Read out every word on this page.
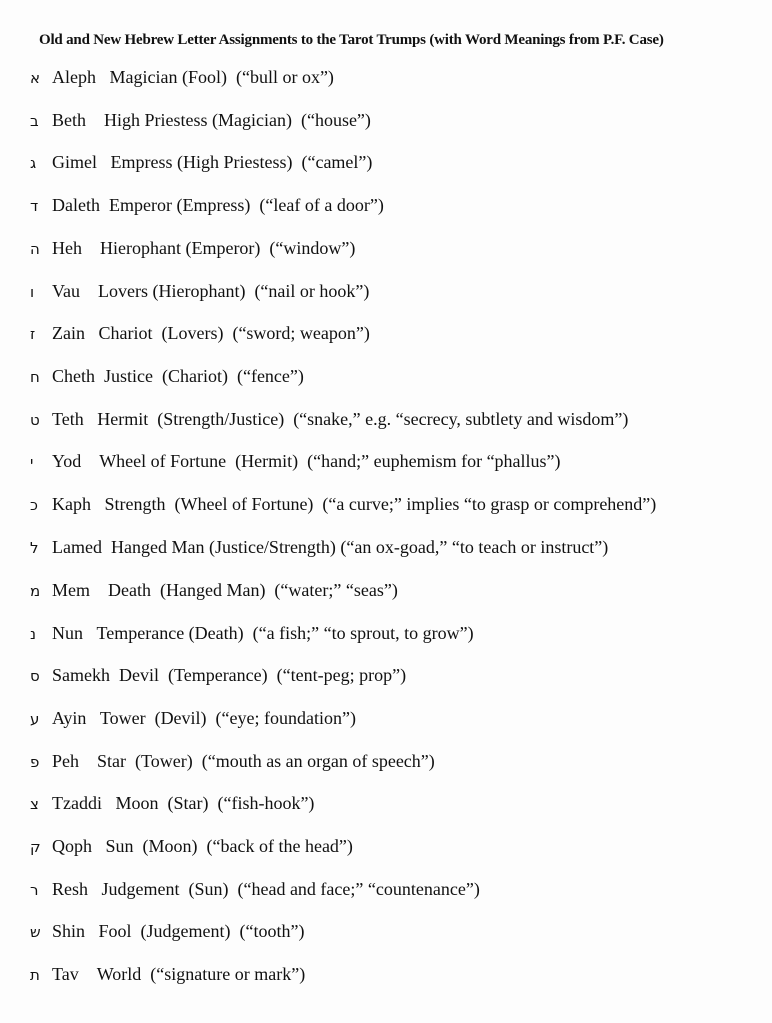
Old and New Hebrew Letter Assignments to the Tarot Trumps (with Word Meanings from P.F. Case)
א Aleph   Magician (Fool)  (“bull or ox”)
ב Beth    High Priestess (Magician)  (“house”)
ג Gimel   Empress (High Priestess)  (“camel”)
ד Daleth  Emperor (Empress)  (“leaf of a door”)
ה Heh    Hierophant (Emperor)  (“window”)
ו Vau    Lovers (Hierophant)  (“nail or hook”)
ז Zain   Chariot  (Lovers)  (“sword; weapon”)
ח Cheth  Justice  (Chariot)  (“fence”)
ט Teth   Hermit  (Strength/Justice)  (“snake,” e.g. “secrecy, subtlety and wisdom”)
י Yod    Wheel of Fortune  (Hermit)  (“hand;” euphemism for “phallus”)
כ Kaph   Strength  (Wheel of Fortune)  (“a curve;” implies “to grasp or comprehend”)
ל Lamed  Hanged Man (Justice/Strength) (“an ox-goad,” “to teach or instruct”)
מ Mem    Death  (Hanged Man)  (“water;” “seas”)
נ Nun   Temperance (Death)  (“a fish;” “to sprout, to grow”)
ס Samekh  Devil  (Temperance)  (“tent-peg; prop”)
ע Ayin   Tower  (Devil)  (“eye; foundation”)
פ Peh    Star  (Tower)  (“mouth as an organ of speech”)
צ Tzaddi   Moon  (Star)  (“fish-hook”)
ק Qoph   Sun  (Moon)  (“back of the head”)
ר Resh   Judgement  (Sun)  (“head and face;” “countenance”)
ש Shin   Fool  (Judgement)  (“tooth”)
ת Tav    World  (“signature or mark”)
